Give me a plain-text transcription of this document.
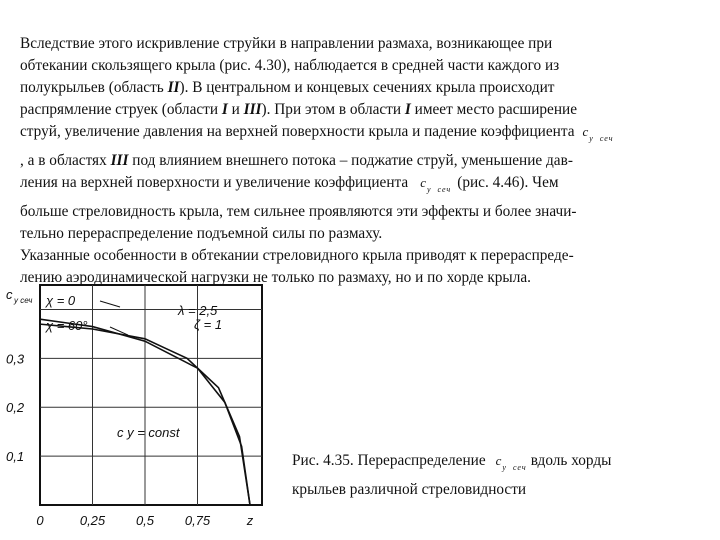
Вследствие этого искривление струйки в направлении размаха, возникающее при

обтекании скользящего крыла (рис. 4.30), наблюдается в средней части каждого из

полукрыльев (область II). В центральном и концевых сечениях крыла происходит

распрямление струек (области I и III). При этом в области I имеет место расширение

струй, увеличение давления на верхней поверхности крыла и падение коэффициента $c_y$ $_{сеч}$

, а в областях III под влиянием внешнего потока – поджатие струй, уменьшение дав-

ления на верхней поверхности и увеличение коэффициента $c_y$ $_{сеч}$ (рис. 4.46). Чем

больше стреловидность крыла, тем сильнее проявляются эти эффекты и более значи-

тельно перераспределение подъемной силы по размаху.

Указанные особенности в обтекании стреловидного крыла приводят к перераспреде-

лению аэродинамической нагрузки не только по размаху, но и по хорде крыла.

0	0,25 0,5 0,75	z
0,3
0,2
0,1
c y сеч χ = 0
χ = 60°
λ = 2,5
ζ = 1
c y = const
Рис. 4.35. Перераспределение $c_y$ $_{сеч}$ вдоль хорды
крыльев различной стреловидности
